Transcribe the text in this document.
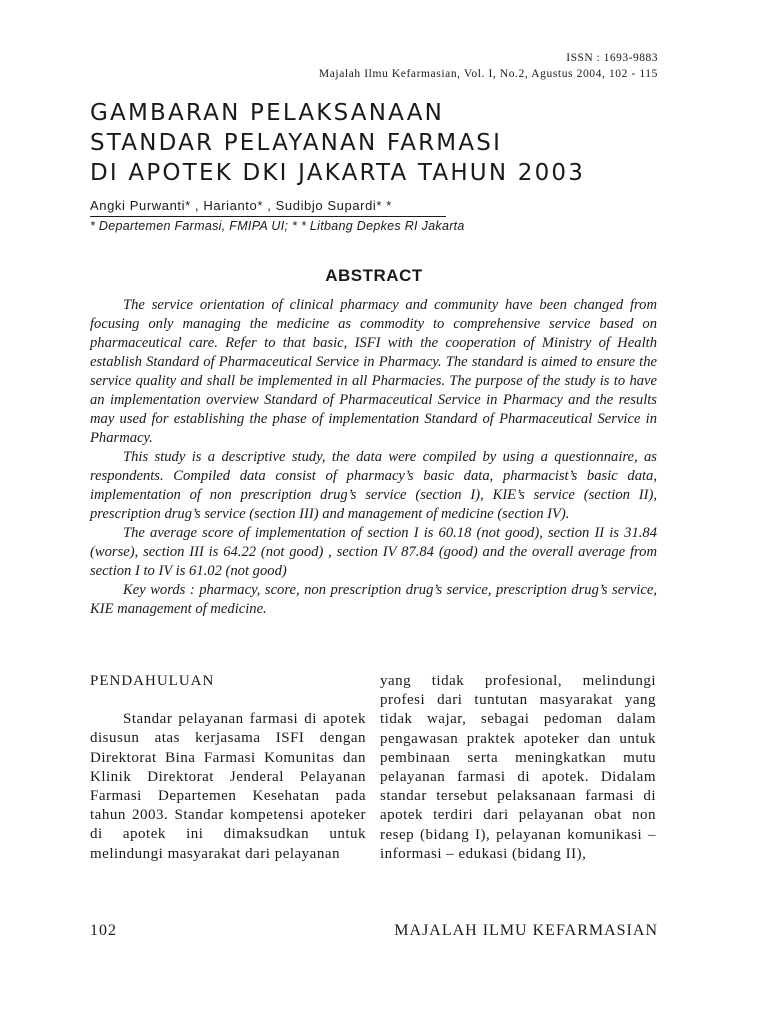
ISSN : 1693-9883
Majalah Ilmu Kefarmasian, Vol. I, No.2, Agustus 2004, 102 - 115
GAMBARAN PELAKSANAAN
STANDAR PELAYANAN FARMASI
DI APOTEK DKI JAKARTA TAHUN 2003
Angki Purwanti* , Harianto* , Sudibjo Supardi* *
* Departemen Farmasi, FMIPA UI; * * Litbang Depkes RI Jakarta
ABSTRACT

The service orientation of clinical pharmacy and community have been changed from focusing only managing the medicine as commodity to comprehensive service based on pharmaceutical care. Refer to that basic, ISFI with the cooperation of Ministry of Health establish Standard of Pharmaceutical Service in Pharmacy. The standard is aimed to ensure the service quality and shall be implemented in all Pharmacies. The purpose of the study is to have an implementation overview Standard of Pharmaceutical Service in Pharmacy and the results may used for establishing the phase of implementation Standard of Pharmaceutical Service in Pharmacy.

This study is a descriptive study, the data were compiled by using a questionnaire, as respondents. Compiled data consist of pharmacy’s basic data, pharmacist’s basic data, implementation of non prescription drug’s service (section I), KIE’s service (section II), prescription drug’s service (section III) and management of medicine (section IV).

The average score of implementation of section I is 60.18 (not good), section II is 31.84 (worse), section III is 64.22 (not good) , section IV 87.84 (good) and the overall average from section I to IV is 61.02 (not good)

Key words : pharmacy, score, non prescription drug’s service, prescription drug’s service, KIE management of medicine.

PENDAHULUAN

Standar pelayanan farmasi di apotek disusun atas kerjasama ISFI dengan Direktorat Bina Farmasi Komunitas dan Klinik Direktorat Jenderal Pelayanan Farmasi Departemen Kesehatan pada tahun 2003. Standar kompetensi apoteker di apotek ini dimaksudkan untuk melindungi masyarakat dari pelayanan

yang tidak profesional, melindungi profesi dari tuntutan masyarakat yang tidak wajar, sebagai pedoman dalam pengawasan praktek apoteker dan untuk pembinaan serta meningkatkan mutu pelayanan farmasi di apotek. Didalam standar tersebut pelaksanaan farmasi di apotek terdiri dari pelayanan obat non resep (bidang I), pelayanan komunikasi – informasi – edukasi (bidang II),

102	MAJALAH ILMU KEFARMASIAN
